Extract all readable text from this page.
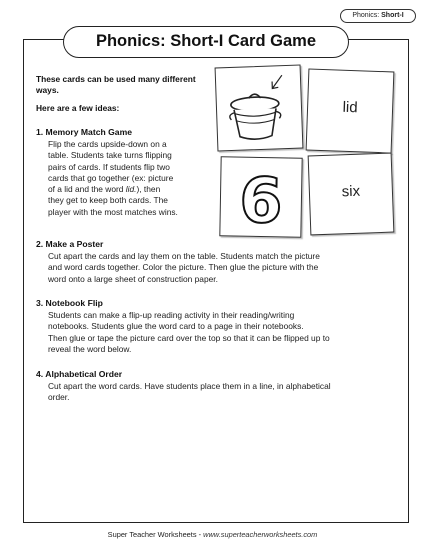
Phonics: Short-I
Phonics: Short-I Card Game
These cards can be used many different ways.
Here are a few ideas:
1. Memory Match Game
Flip the cards upside-down on a
table. Students take turns flipping
pairs of cards. If students flip two
cards that go together (ex: picture
of a lid and the word lid.), then
they get to keep both cards. The
player with the most matches wins.
2. Make a Poster
Cut apart the cards and lay them on the table. Students match the picture
and word cards together. Color the picture. Then glue the picture with the
word onto a large sheet of construction paper.
3. Notebook Flip
Students can make a flip-up reading activity in their reading/writing
notebooks. Students glue the word card to a page in their notebooks.
Then glue or tape the picture card over the top so that it can be flipped up to
reveal the word below.
4. Alphabetical Order
Cut apart the word cards. Have students place them in a line, in alphabetical
order.
lid
6	six
Super Teacher Worksheets - www.superteacherworksheets.com
